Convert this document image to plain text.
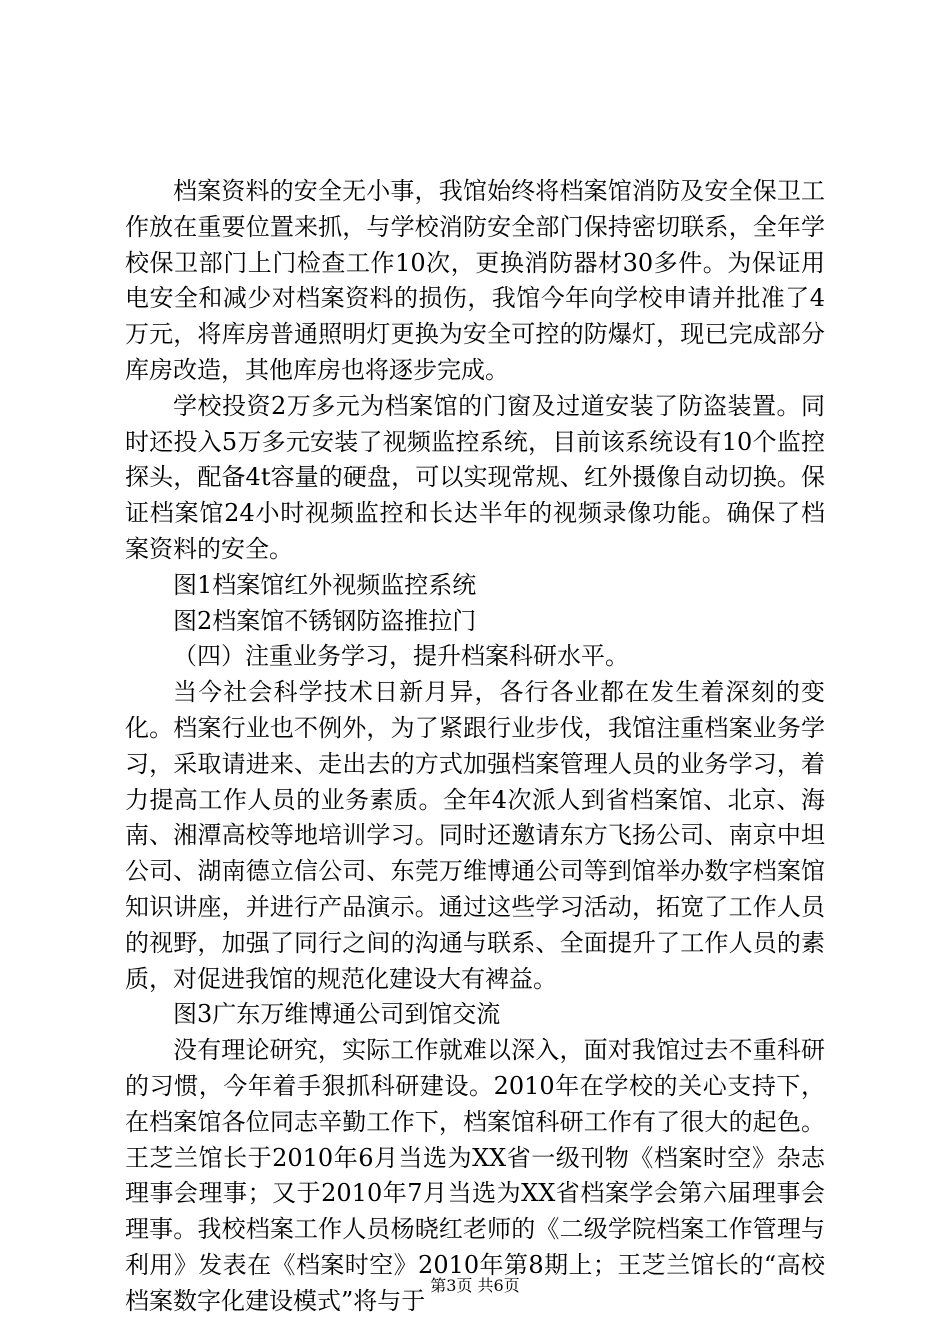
档案资料的安全无小事，我馆始终将档案馆消防及安全保卫工作放在重要位置来抓，与学校消防安全部门保持密切联系，全年学校保卫部门上门检查工作10次，更换消防器材30多件。为保证用电安全和减少对档案资料的损伤，我馆今年向学校申请并批准了4万元，将库房普通照明灯更换为安全可控的防爆灯，现已完成部分库房改造，其他库房也将逐步完成。

学校投资2万多元为档案馆的门窗及过道安装了防盗装置。同时还投入5万多元安装了视频监控系统，目前该系统设有10个监控探头，配备4t容量的硬盘，可以实现常规、红外摄像自动切换。保证档案馆24小时视频监控和长达半年的视频录像功能。确保了档案资料的安全。

图1档案馆红外视频监控系统

图2档案馆不锈钢防盗推拉门

（四）注重业务学习，提升档案科研水平。

当今社会科学技术日新月异，各行各业都在发生着深刻的变化。档案行业也不例外，为了紧跟行业步伐，我馆注重档案业务学习，采取请进来、走出去的方式加强档案管理人员的业务学习，着力提高工作人员的业务素质。全年4次派人到省档案馆、北京、海南、湘潭高校等地培训学习。同时还邀请东方飞扬公司、南京中坦公司、湖南德立信公司、东莞万维博通公司等到馆举办数字档案馆知识讲座，并进行产品演示。通过这些学习活动，拓宽了工作人员的视野，加强了同行之间的沟通与联系、全面提升了工作人员的素质，对促进我馆的规范化建设大有裨益。

图3广东万维博通公司到馆交流

没有理论研究，实际工作就难以深入，面对我馆过去不重科研的习惯，今年着手狠抓科研建设。2010年在学校的关心支持下，在档案馆各位同志辛勤工作下，档案馆科研工作有了很大的起色。王芝兰馆长于2010年6月当选为XX省一级刊物《档案时空》杂志理事会理事；又于2010年7月当选为XX省档案学会第六届理事会理事。我校档案工作人员杨晓红老师的《二级学院档案工作管理与利用》发表在《档案时空》2010年第8期上；王芝兰馆长的“高校档案数字化建设模式”将与于

第3页 共6页
